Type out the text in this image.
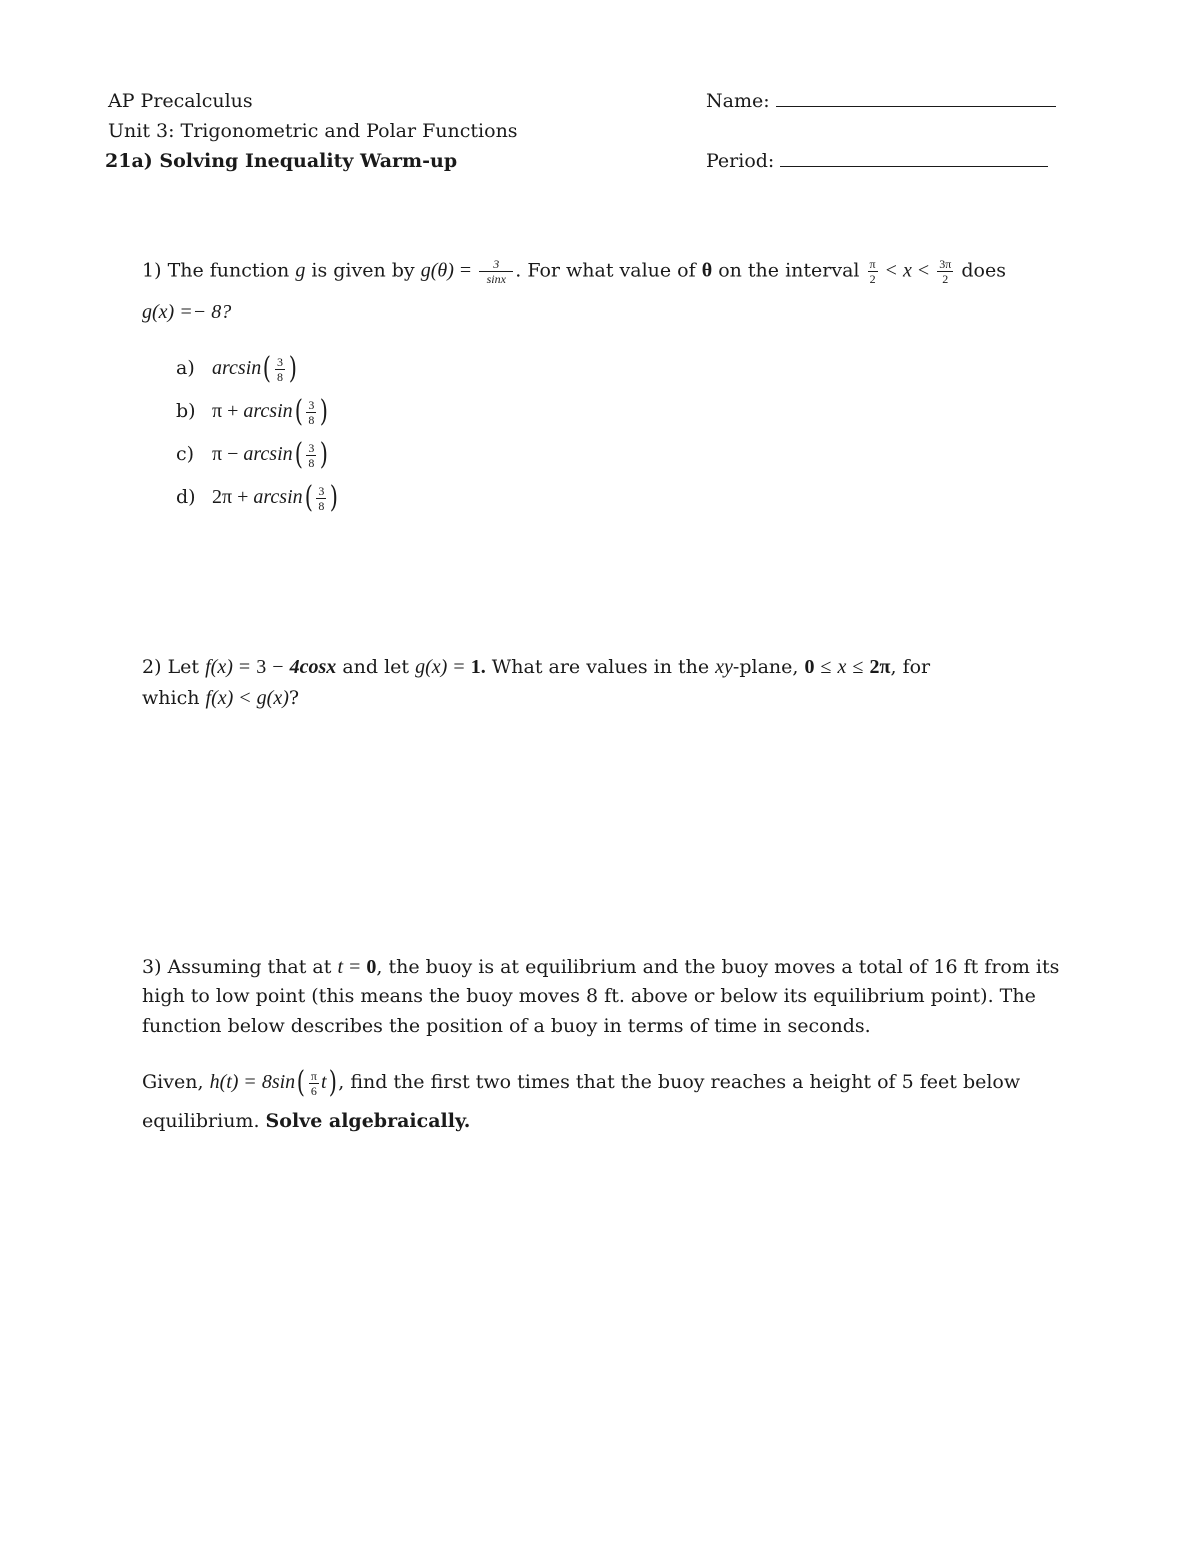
AP Precalculus
Unit 3: Trigonometric and Polar Functions
21a) Solving Inequality Warm-up
Name:
Period:
1) The function g is given by $g(\theta) = \frac{3}{\sin x}$ . For what value of θ on the interval $\frac{\pi}{2} < x < \frac{3\pi}{2}$ does
g(x) =− 8?
a) $\arcsin( \frac{3}{8}$ )
b) $\pi + \arcsin( \frac{3}{8}$ )
c) $\pi - \arcsin( \frac{3}{8}$ )
d) $2\pi + \arcsin( \frac{3}{8}$ )
2) Let f(x) = 3 − 4cosx and let g(x) = 1. What are values in the xy-plane, 0 ≤ x ≤ 2π, for
which f(x) < g(x)?
3) Assuming that at t = 0, the buoy is at equilibrium and the buoy moves a total of 16 ft from its
high to low point (this means the buoy moves 8 ft. above or below its equilibrium point). The
function below describes the position of a buoy in terms of time in seconds.
Given, $h(t) = 8\sin( \frac{\pi}{6} t)$, find the first two times that the buoy reaches a height of 5 feet below
equilibrium. Solve algebraically.
